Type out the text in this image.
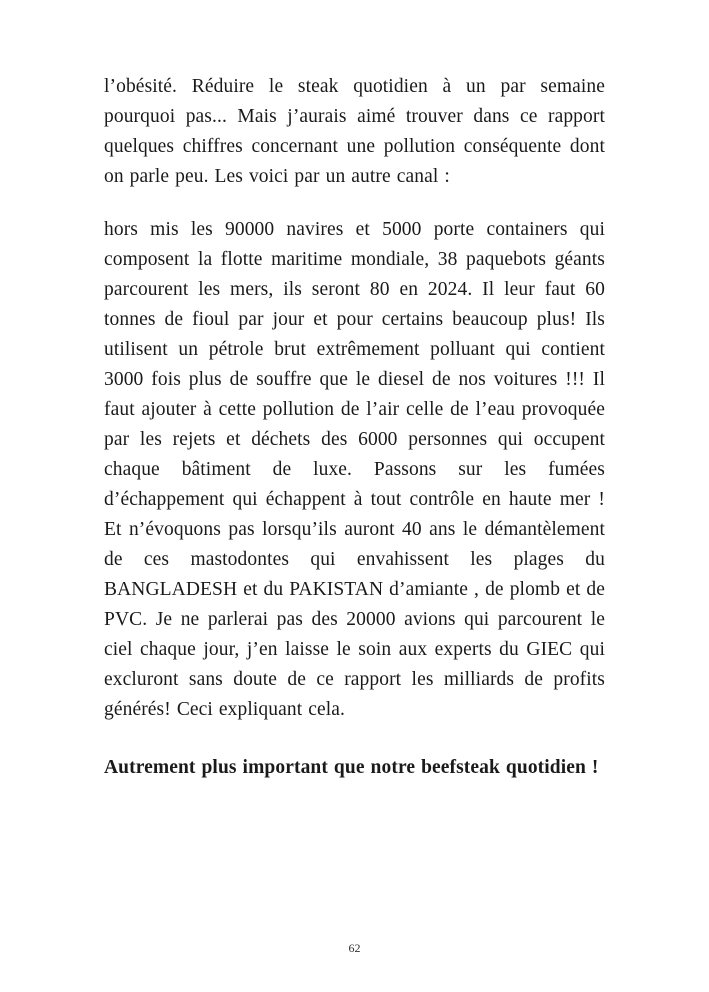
l’obésité. Réduire le steak quotidien à un par semaine pourquoi pas... Mais j’aurais aimé trouver dans ce rapport quelques chiffres concernant une pollution conséquente dont on parle peu. Les voici par un autre canal :

hors mis les 90000 navires et 5000 porte containers qui composent la flotte maritime mondiale, 38 paquebots géants parcourent les mers, ils seront 80 en 2024. Il leur faut 60 tonnes de fioul par jour et pour certains beaucoup plus! Ils utilisent un pétrole brut extrêmement polluant qui contient 3000 fois plus de souffre que le diesel de nos voitures !!! Il faut ajouter à cette pollution de l’air celle de l’eau provoquée par les rejets et déchets des 6000 personnes qui occupent chaque bâtiment de luxe. Passons sur les fumées d’échappement qui échappent à tout contrôle en haute mer ! Et n’évoquons pas lorsqu’ils auront 40 ans le démantèlement de ces mastodontes qui envahissent les plages du BANGLADESH et du PAKISTAN d’amiante , de plomb et de PVC. Je ne parlerai pas des 20000 avions qui parcourent le ciel chaque jour, j’en laisse le soin aux experts du GIEC qui excluront sans doute de ce rapport les milliards de profits générés! Ceci expliquant cela.

Autrement plus important que notre beefsteak quotidien !

62
